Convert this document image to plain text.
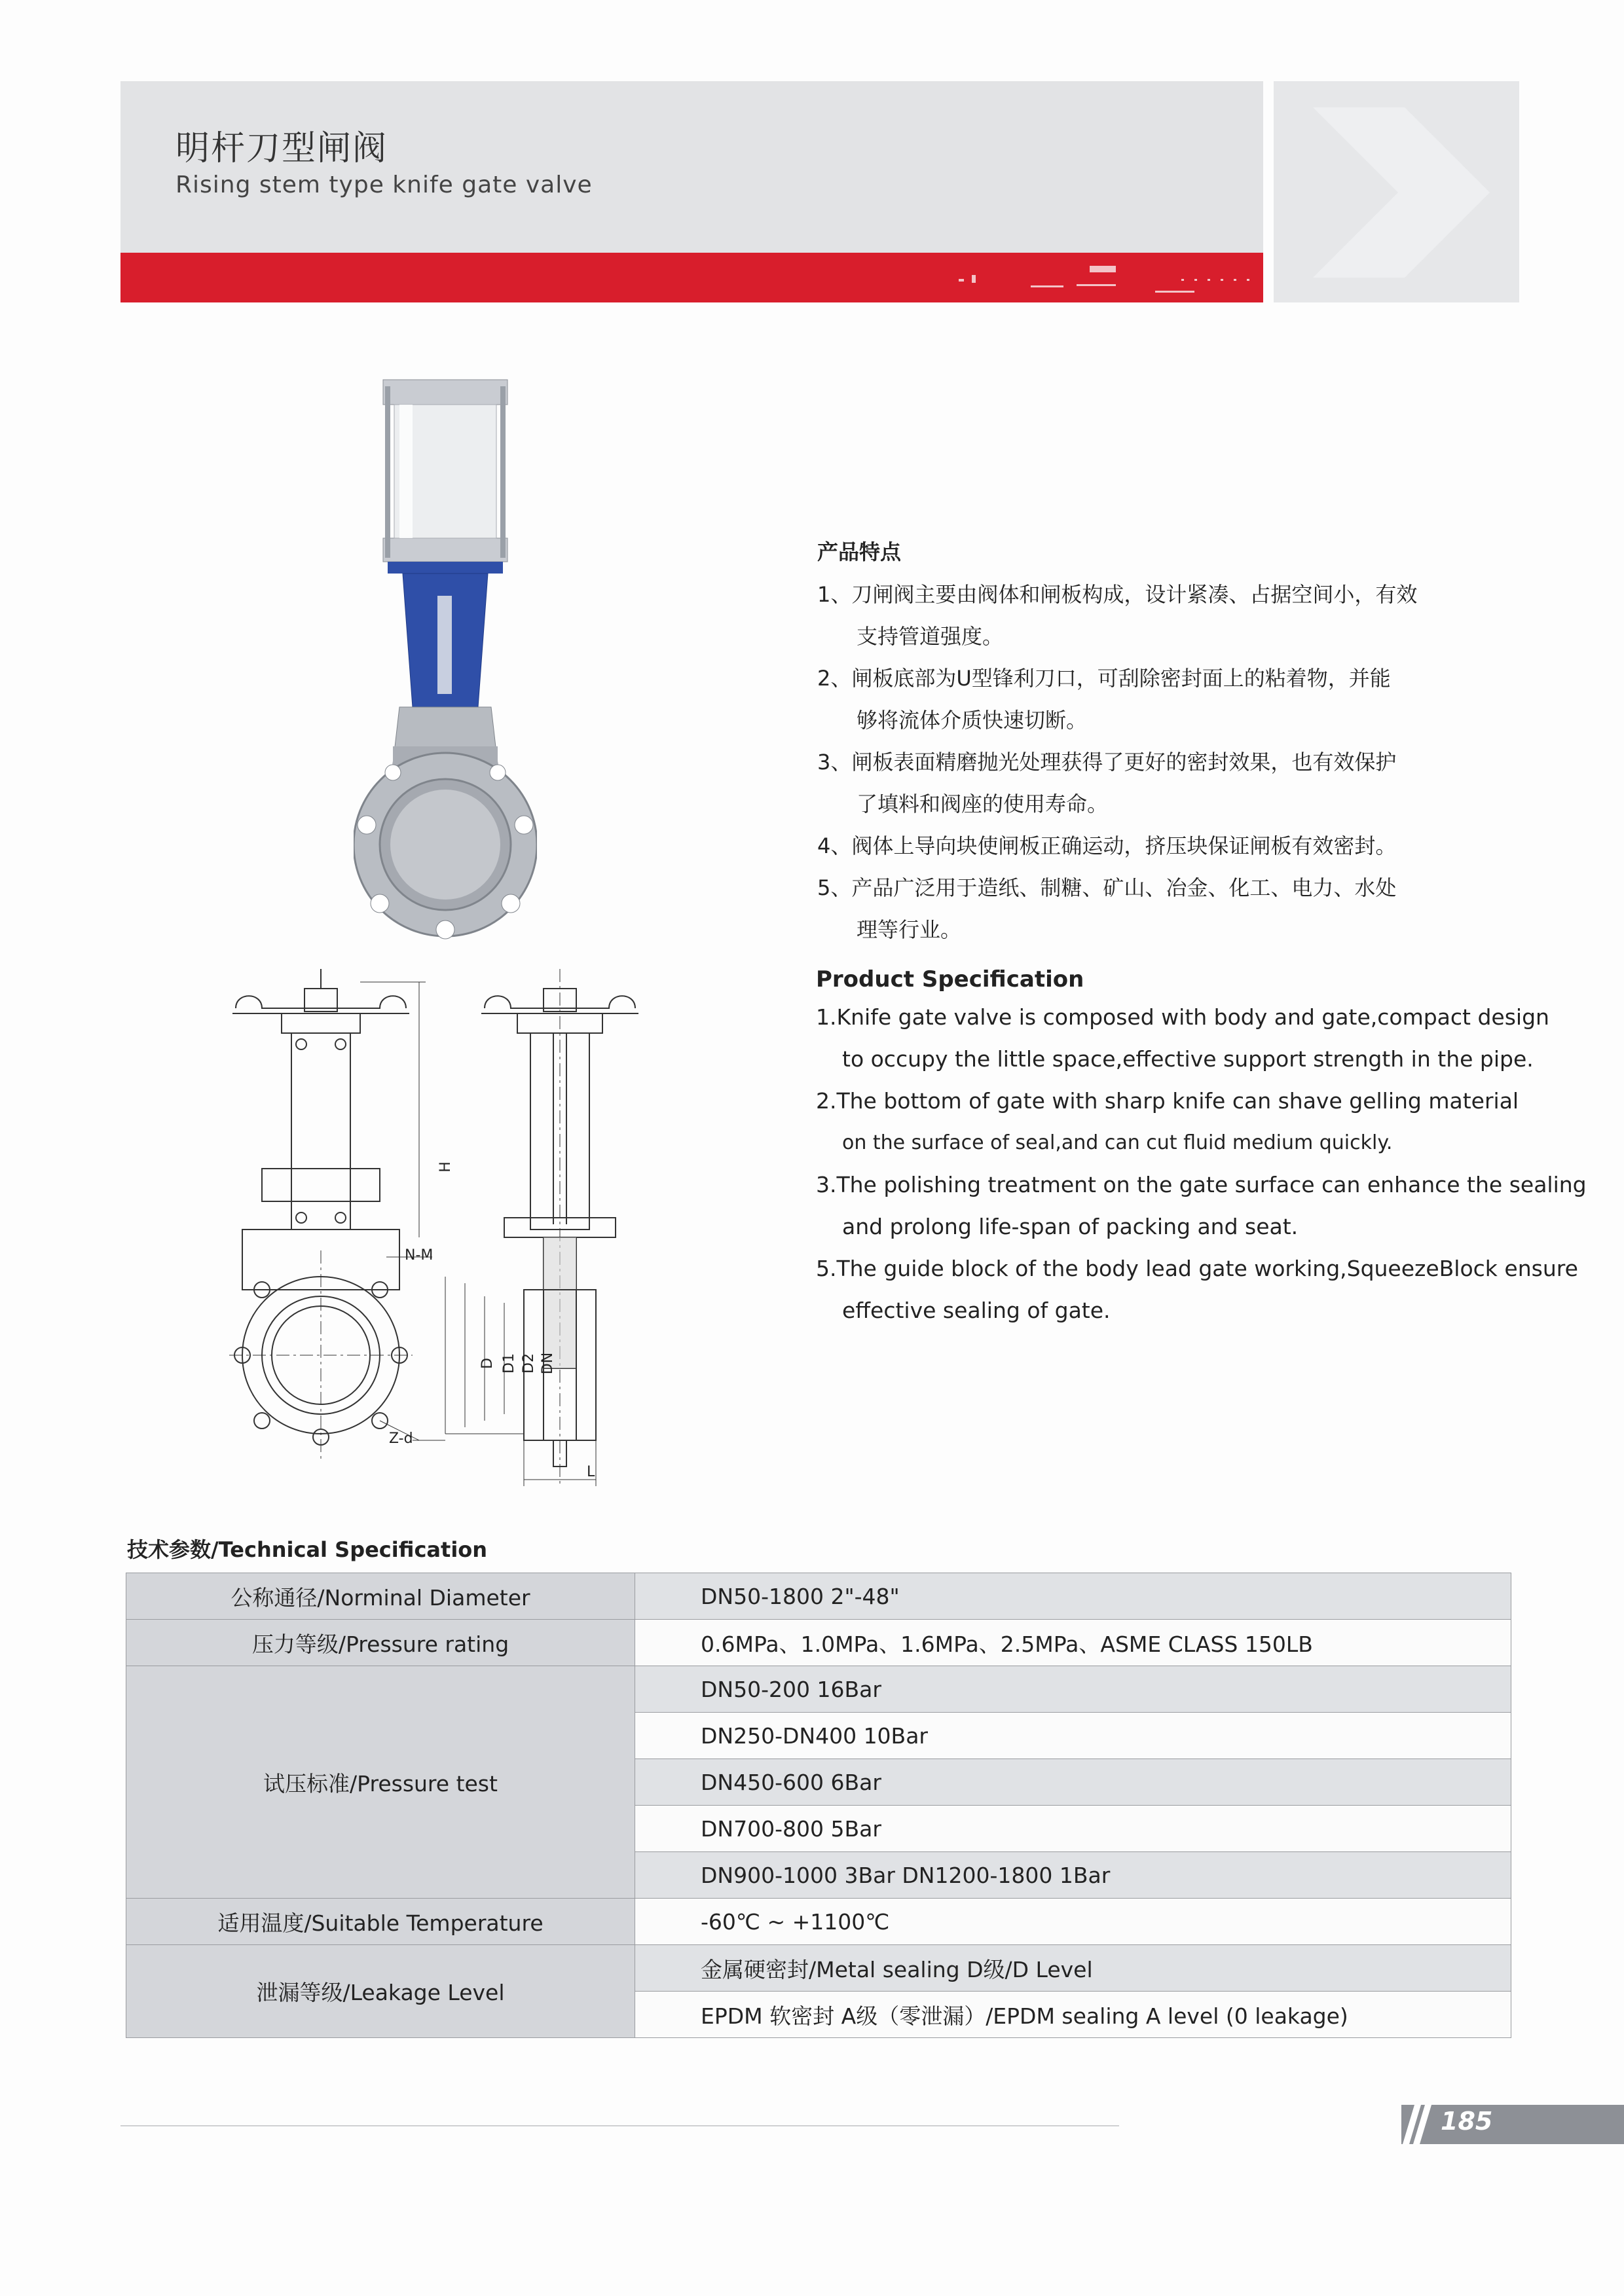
明杆刀型闸阀
Rising stem type knife gate valve
H
N-M
Z-d
D D1 D2 DN
L
产品特点
1、刀闸阀主要由阀体和闸板构成，设计紧凑、占据空间小，有效
支持管道强度。
2、闸板底部为U型锋利刀口，可刮除密封面上的粘着物，并能
够将流体介质快速切断。
3、闸板表面精磨抛光处理获得了更好的密封效果，也有效保护
了填料和阀座的使用寿命。
4、阀体上导向块使闸板正确运动，挤压块保证闸板有效密封。
5、产品广泛用于造纸、制糖、矿山、冶金、化工、电力、水处
理等行业。
Product Specification
1.Knife gate valve is composed with body and gate,compact design
to occupy the little space,effective support strength in the pipe.
2.The bottom of gate with sharp knife can shave gelling material
on the surface of seal,and can cut fluid medium quickly.
3.The polishing treatment on the gate surface can enhance the sealing
and prolong life-span of packing and seat.
5.The guide block of the body lead gate working,SqueezeBlock ensure
effective sealing of gate.
技术参数/Technical Specification
公称通径/Norminal Diameter	DN50-1800 2"-48"
压力等级/Pressure rating	0.6MPa、1.0MPa、1.6MPa、2.5MPa、ASME CLASS 150LB
试压标准/Pressure test	DN50-200 16Bar
	DN250-DN400 10Bar
	DN450-600 6Bar
	DN700-800 5Bar
	DN900-1000 3Bar DN1200-1800 1Bar
适用温度/Suitable Temperature	-60℃ ~ +1100℃
泄漏等级/Leakage Level	金属硬密封/Metal sealing D级/D Level
	EPDM 软密封 A级（零泄漏）/EPDM sealing A level (0 leakage)
185
